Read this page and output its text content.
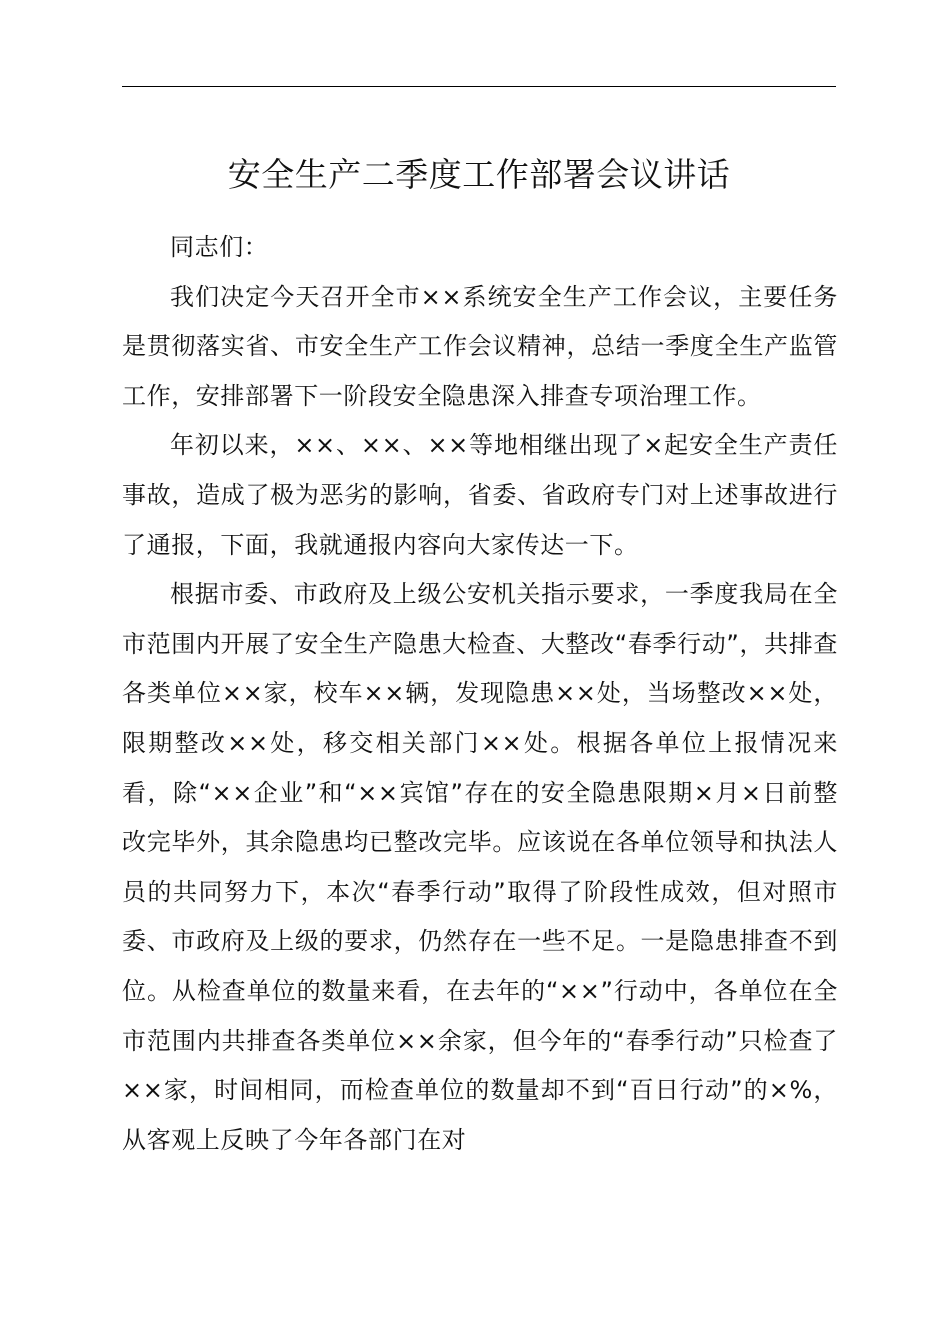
安全生产二季度工作部署会议讲话

同志们：

我们决定今天召开全市××系统安全生产工作会议，主要任务是贯彻落实省、市安全生产工作会议精神，总结一季度全生产监管工作，安排部署下一阶段安全隐患深入排查专项治理工作。

年初以来，××、××、××等地相继出现了×起安全生产责任事故，造成了极为恶劣的影响，省委、省政府专门对上述事故进行了通报，下面，我就通报内容向大家传达一下。

根据市委、市政府及上级公安机关指示要求，一季度我局在全市范围内开展了安全生产隐患大检查、大整改“春季行动”，共排查各类单位××家，校车××辆，发现隐患××处，当场整改××处，限期整改××处，移交相关部门××处。根据各单位上报情况来看，除“××企业”和“××宾馆”存在的安全隐患限期×月×日前整改完毕外，其余隐患均已整改完毕。应该说在各单位领导和执法人员的共同努力下，本次“春季行动”取得了阶段性成效，但对照市委、市政府及上级的要求，仍然存在一些不足。一是隐患排查不到位。从检查单位的数量来看，在去年的“××”行动中，各单位在全市范围内共排查各类单位××余家，但今年的“春季行动”只检查了××家，时间相同，而检查单位的数量却不到“百日行动”的×%，从客观上反映了今年各部门在对
